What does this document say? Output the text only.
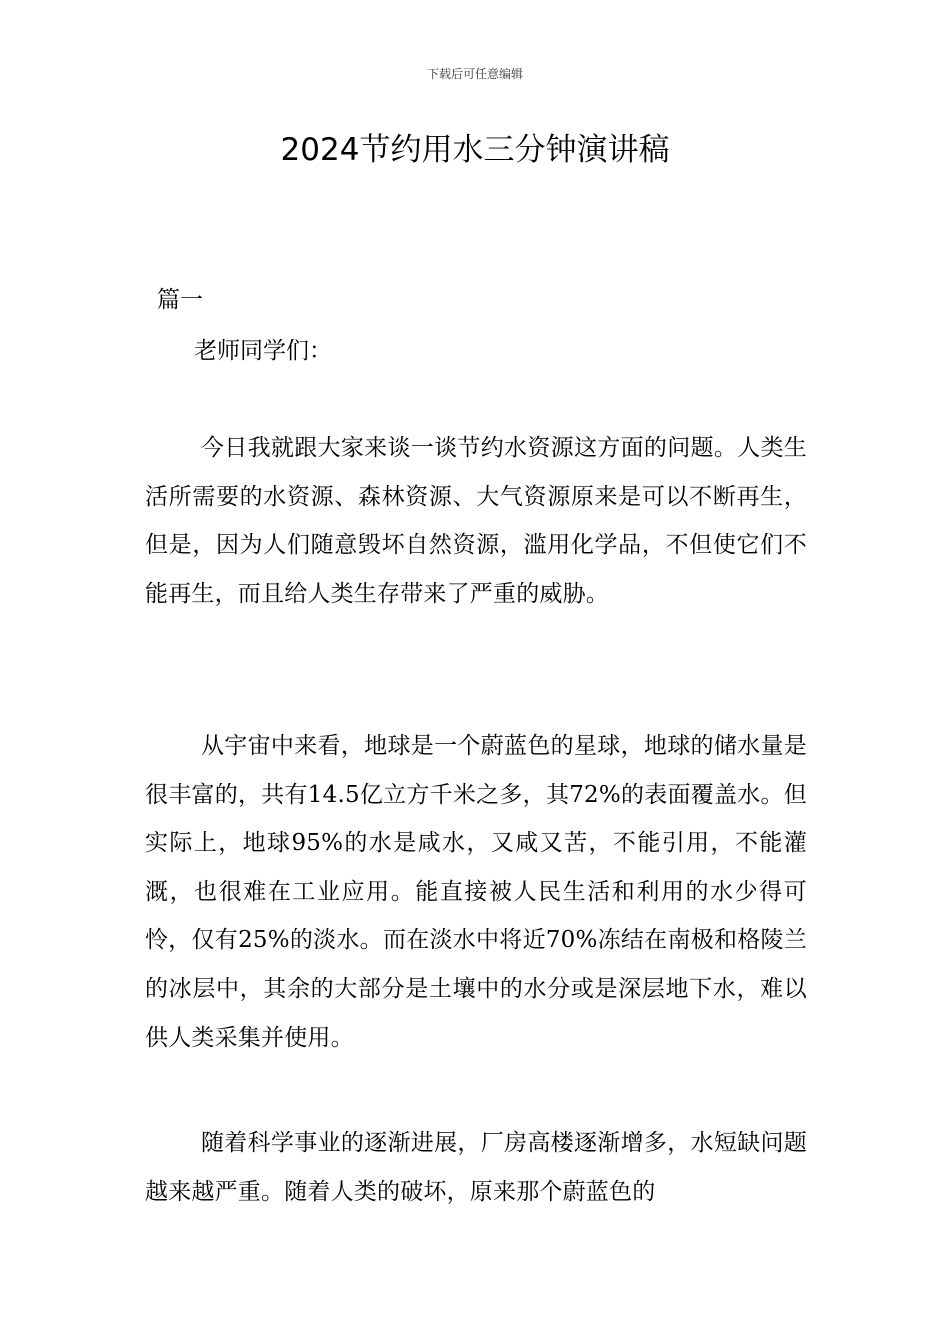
下载后可任意编辑
2024节约用水三分钟演讲稿
篇一
老师同学们：

今日我就跟大家来谈一谈节约水资源这方面的问题。人类生活所需要的水资源、森林资源、大气资源原来是可以不断再生，但是，因为人们随意毁坏自然资源，滥用化学品，不但使它们不能再生，而且给人类生存带来了严重的威胁。

从宇宙中来看，地球是一个蔚蓝色的星球，地球的储水量是很丰富的，共有14.5亿立方千米之多，其72%的表面覆盖水。但实际上，地球95%的水是咸水，又咸又苦，不能引用，不能灌溉，也很难在工业应用。能直接被人民生活和利用的水少得可怜，仅有25%的淡水。而在淡水中将近70%冻结在南极和格陵兰的冰层中，其余的大部分是土壤中的水分或是深层地下水，难以供人类采集并使用。

随着科学事业的逐渐进展，厂房高楼逐渐增多，水短缺问题越来越严重。随着人类的破坏，原来那个蔚蓝色的
